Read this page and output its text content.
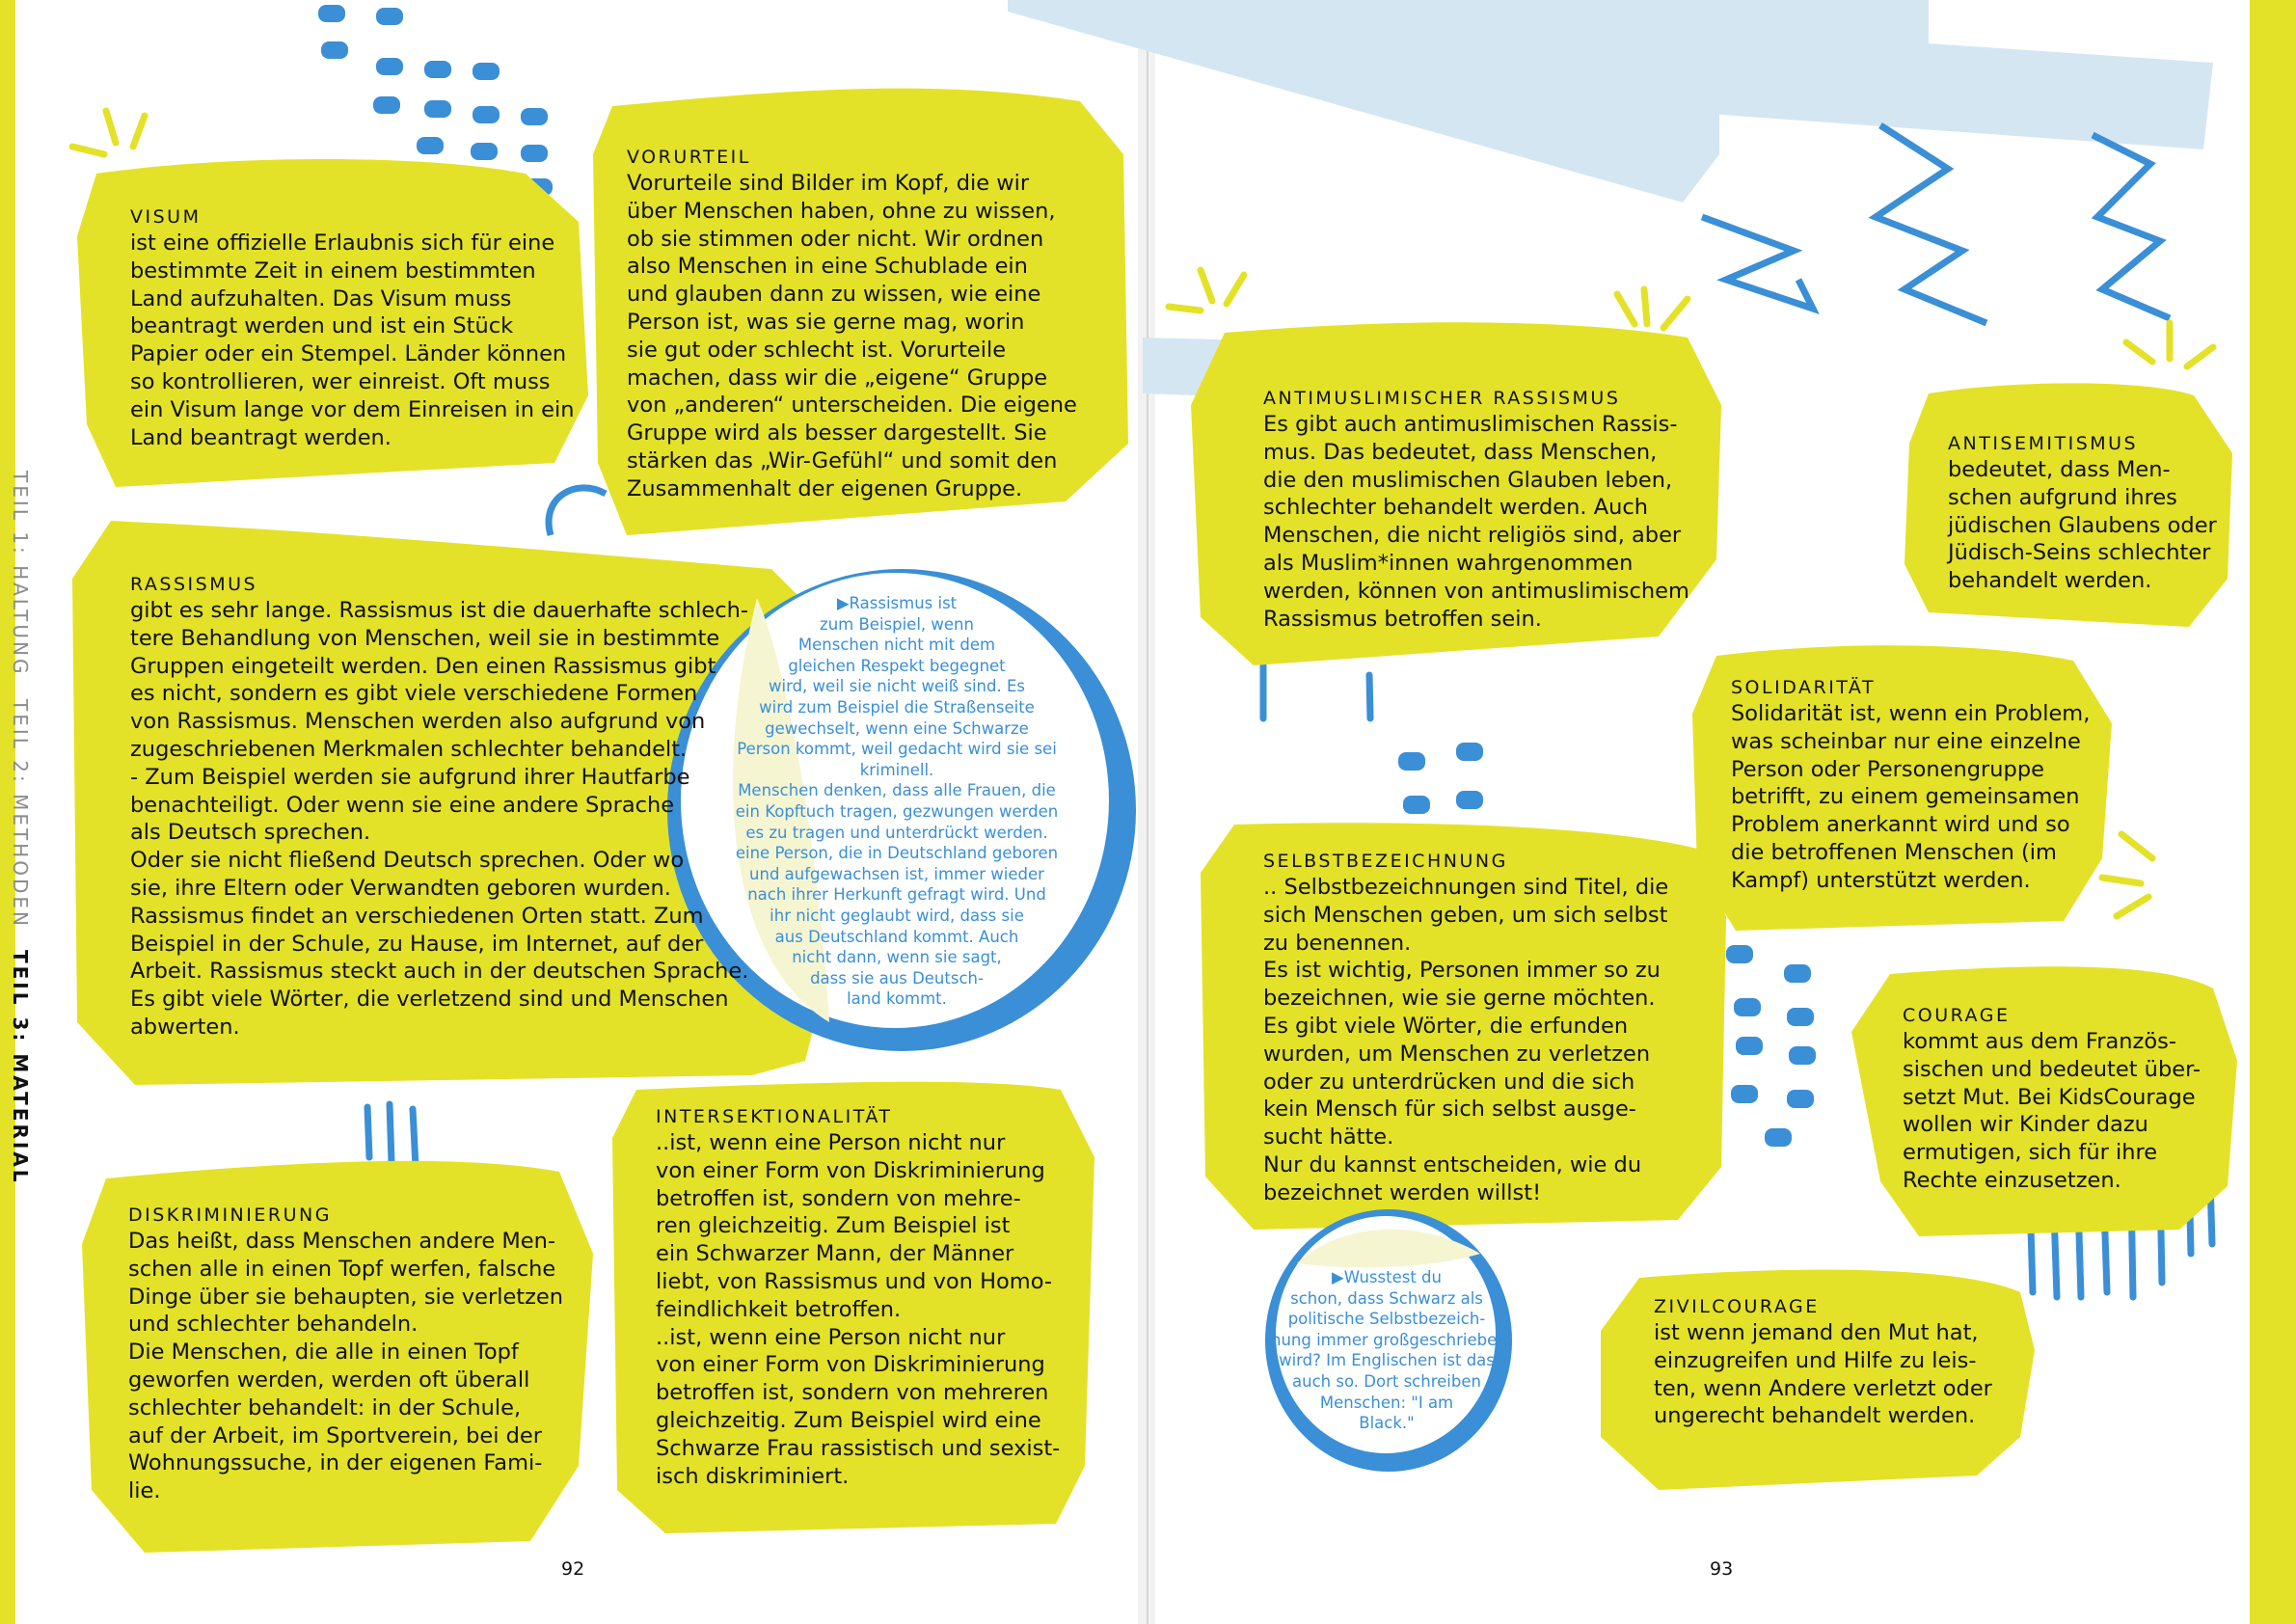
TEIL 1: HALTUNG
TEIL 2: METHODEN
TEIL 3: MATERIAL
VISUM
ist eine offizielle Erlaubnis sich für eine
bestimmte Zeit in einem bestimmten
Land aufzuhalten. Das Visum muss
beantragt werden und ist ein Stück
Papier oder ein Stempel. Länder können
so kontrollieren, wer einreist. Oft muss
ein Visum lange vor dem Einreisen in ein
Land beantragt werden.
VORURTEIL
Vorurteile sind Bilder im Kopf, die wir
über Menschen haben, ohne zu wissen,
ob sie stimmen oder nicht. Wir ordnen
also Menschen in eine Schublade ein
und glauben dann zu wissen, wie eine
Person ist, was sie gerne mag, worin
sie gut oder schlecht ist. Vorurteile
machen, dass wir die „eigene“ Gruppe
von „anderen“ unterscheiden. Die eigene
Gruppe wird als besser dargestellt. Sie
stärken das „Wir-Gefühl“ und somit den
Zusammenhalt der eigenen Gruppe.
RASSISMUS
gibt es sehr lange. Rassismus ist die dauerhafte schlech-
tere Behandlung von Menschen, weil sie in bestimmte
Gruppen eingeteilt werden. Den einen Rassismus gibt
es nicht, sondern es gibt viele verschiedene Formen
von Rassismus. Menschen werden also aufgrund von
zugeschriebenen Merkmalen schlechter behandelt.
- Zum Beispiel werden sie aufgrund ihrer Hautfarbe
benachteiligt. Oder wenn sie eine andere Sprache
als Deutsch sprechen.
Oder sie nicht fließend Deutsch sprechen. Oder wo
sie, ihre Eltern oder Verwandten geboren wurden.
Rassismus findet an verschiedenen Orten statt. Zum
Beispiel in der Schule, zu Hause, im Internet, auf der
Arbeit. Rassismus steckt auch in der deutschen Sprache.
Es gibt viele Wörter, die verletzend sind und Menschen
abwerten.
▶Rassismus ist
zum Beispiel, wenn
Menschen nicht mit dem
gleichen Respekt begegnet
wird, weil sie nicht weiß sind. Es
wird zum Beispiel die Straßenseite
gewechselt, wenn eine Schwarze
Person kommt, weil gedacht wird sie sei
kriminell.
Menschen denken, dass alle Frauen, die
ein Kopftuch tragen, gezwungen werden
es zu tragen und unterdrückt werden.
eine Person, die in Deutschland geboren
und aufgewachsen ist, immer wieder
nach ihrer Herkunft gefragt wird. Und
ihr nicht geglaubt wird, dass sie
aus Deutschland kommt. Auch
nicht dann, wenn sie sagt,
dass sie aus Deutsch-
land kommt.
DISKRIMINIERUNG
Das heißt, dass Menschen andere Men-
schen alle in einen Topf werfen, falsche
Dinge über sie behaupten, sie verletzen
und schlechter behandeln.
Die Menschen, die alle in einen Topf
geworfen werden, werden oft überall
schlechter behandelt: in der Schule,
auf der Arbeit, im Sportverein, bei der
Wohnungssuche, in der eigenen Fami-
lie.
INTERSEKTIONALITÄT
..ist, wenn eine Person nicht nur
von einer Form von Diskriminierung
betroffen ist, sondern von mehre-
ren gleichzeitig. Zum Beispiel ist
ein Schwarzer Mann, der Männer
liebt, von Rassismus und von Homo-
feindlichkeit betroffen.
..ist, wenn eine Person nicht nur
von einer Form von Diskriminierung
betroffen ist, sondern von mehreren
gleichzeitig. Zum Beispiel wird eine
Schwarze Frau rassistisch und sexist-
isch diskriminiert.
92
ANTIMUSLIMISCHER RASSISMUS
Es gibt auch antimuslimischen Rassis-
mus. Das bedeutet, dass Menschen,
die den muslimischen Glauben leben,
schlechter behandelt werden. Auch
Menschen, die nicht religiös sind, aber
als Muslim*innen wahrgenommen
werden, können von antimuslimischem
Rassismus betroffen sein.
ANTISEMITISMUS
bedeutet, dass Men-
schen aufgrund ihres
jüdischen Glaubens oder
Jüdisch-Seins schlechter
behandelt werden.
SOLIDARITÄT
Solidarität ist, wenn ein Problem,
was scheinbar nur eine einzelne
Person oder Personengruppe
betrifft, zu einem gemeinsamen
Problem anerkannt wird und so
die betroffenen Menschen (im
Kampf) unterstützt werden.
SELBSTBEZEICHNUNG
.. Selbstbezeichnungen sind Titel, die
sich Menschen geben, um sich selbst
zu benennen.
Es ist wichtig, Personen immer so zu
bezeichnen, wie sie gerne möchten.
Es gibt viele Wörter, die erfunden
wurden, um Menschen zu verletzen
oder zu unterdrücken und die sich
kein Mensch für sich selbst ausge-
sucht hätte.
Nur du kannst entscheiden, wie du
bezeichnet werden willst!
▶Wusstest du
schon, dass Schwarz als
politische Selbstbezeich-
nung immer großgeschrieben
wird? Im Englischen ist das
auch so. Dort schreiben
Menschen: "I am
Black."
COURAGE
kommt aus dem Französ-
sischen und bedeutet über-
setzt Mut. Bei KidsCourage
wollen wir Kinder dazu
ermutigen, sich für ihre
Rechte einzusetzen.
ZIVILCOURAGE
ist wenn jemand den Mut hat,
einzugreifen und Hilfe zu leis-
ten, wenn Andere verletzt oder
ungerecht behandelt werden.
93
